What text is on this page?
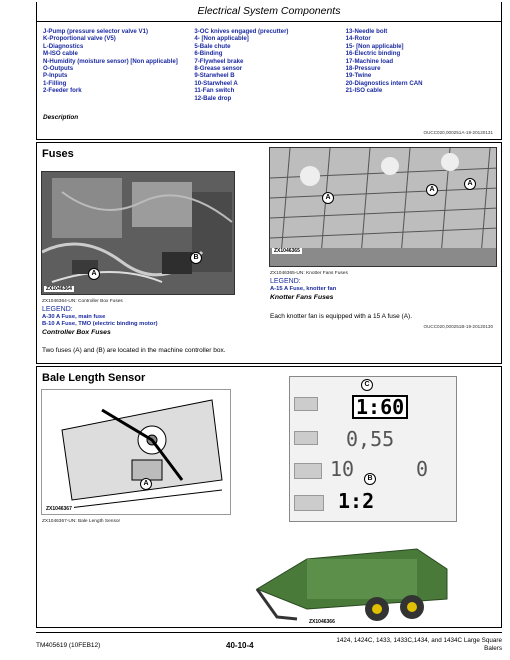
Electrical System Components
J-Pump (pressure selector valve V1)
K-Proportional valve (V5)
L-Diagnostics
M-ISO cable
N-Humidity (moisture sensor) [Non applicable]
O-Outputs
P-Inputs
1-Filling
2-Feeder fork
3-OC knives engaged (precutter)
4- [Non applicable]
5-Bale chute
6-Binding
7-Flywheel brake
8-Grease sensor
9-Starwheel B
10-Starwheel A
11-Fan switch
12-Bale drop
13-Needle bolt
14-Rotor
15- [Non applicable]
16-Electric binding
17-Machine load
18-Pressure
19-Twine
20-Diagnostics intern CAN
21-ISO cable
Description
OUCC020,000251A-19-20120131
Fuses
ZX1046364
B
A
ZX1046364-UN: Controller Box Fuses
LEGEND:
A-30 A Fuse, main fuse
B-10 A Fuse, TMO (electric binding motor)
Controller Box Fuses
ZX1046365
A
A
A
ZX1046365-UN: Knotter Fans Fuses
LEGEND:
A-15 A Fuse, knotter fan
Knotter Fans Fuses
Each knotter fan is equipped with a 15 A fuse (A).
OUCC020,000251B-19-20120130
Two fuses (A) and (B) are located in the machine controller box.
Bale Length Sensor
ZX1046367
A
ZX1046367-UN: Bale Length Sensor
C
1:60
0,55
10	B 0
1:2
ZX1046366
TM405619 (10FEB12)	40-10-4
1424, 1424C, 1433, 1433C,1434, and 1434C Large Square Balers
